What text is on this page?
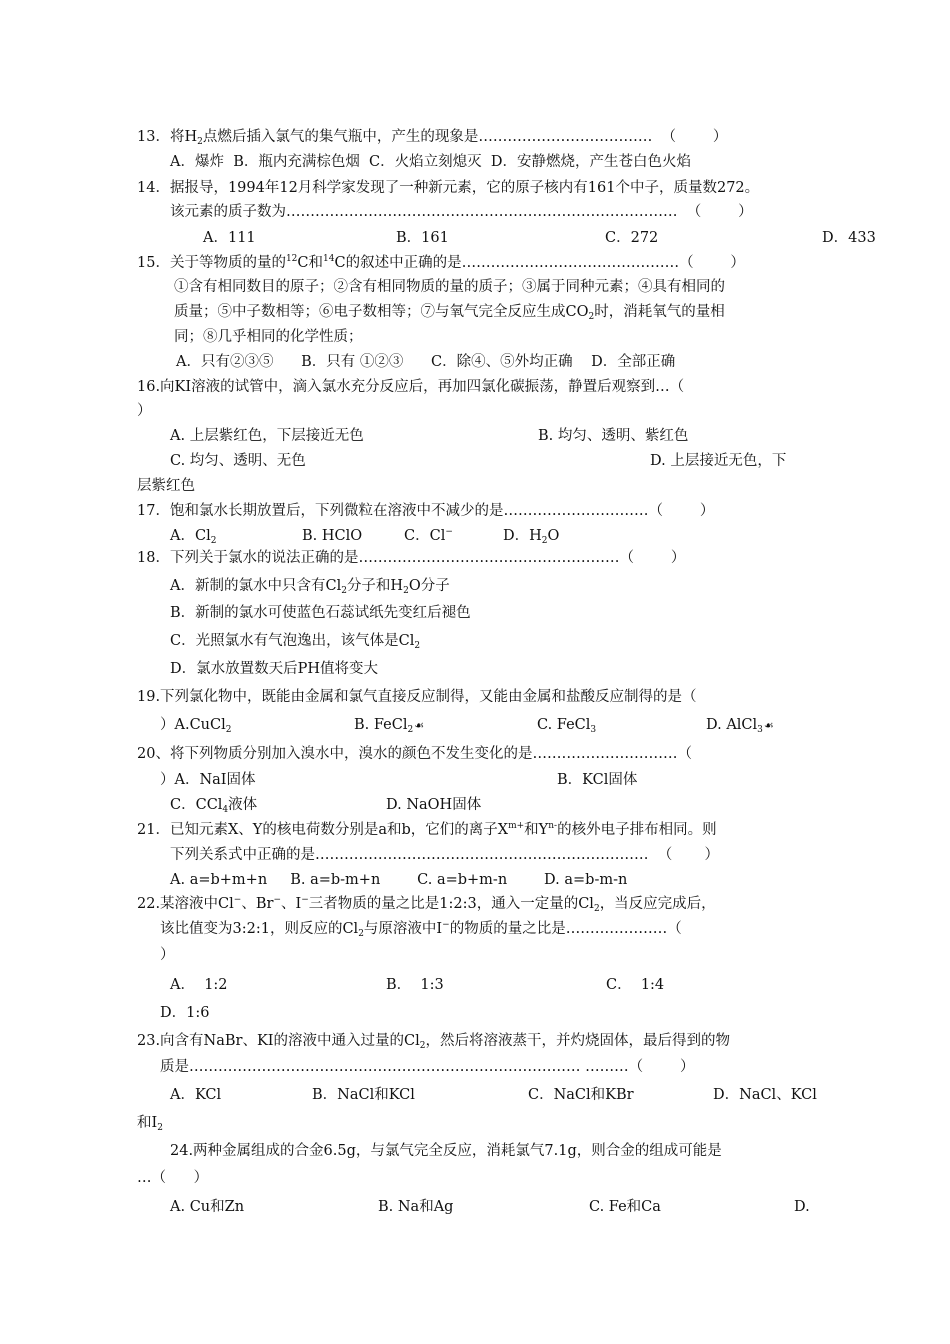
13．将$H_2$点燃后插入氯气的集气瓶中，产生的现象是………………………………  （        ）
A．爆炸  B．瓶内充满棕色烟  C．火焰立刻熄灭  D．安静燃烧，产生苍白色火焰
14．据报导，1994年12月科学家发现了一种新元素，它的原子核内有161个中子，质量数272。
该元素的质子数为………………………………………………………………………  （        ）
A．111	B．161	C．272	D．433
15．关于等物质的量的$^{12}$C和$^{14}$C的叙述中正确的是………………………………………（        ）
①含有相同数目的原子；②含有相同物质的量的质子；③属于同种元素；④具有相同的
质量；⑤中子数相等；⑥电子数相等；⑦与氧气完全反应生成$CO_2$时，消耗氧气的量相
同；⑧几乎相同的化学性质；
A．只有②③⑤      B．只有 ①②③      C．除④、⑤外均正确    D．全部正确
16.向KI溶液的试管中，滴入氯水充分反应后，再加四氯化碳振荡，静置后观察到…（
）
A. 上层紫红色，下层接近无色	B. 均匀、透明、紫红色
C. 均匀、透明、无色	D. 上层接近无色，下
层紫红色
17．饱和氯水长期放置后，下列微粒在溶液中不减少的是…………………………（        ）
A．$Cl_2$	B. HClO	C．Cl−	D．$H_2O$
18．下列关于氯水的说法正确的是………………………………………………（        ）
A．新制的氯水中只含有$Cl_2$分子和$H_2O$分子
B．新制的氯水可使蓝色石蕊试纸先变红后褪色
C．光照氯水有气泡逸出，该气体是$Cl_2$
D．氯水放置数天后PH值将变大
19.下列氯化物中，既能由金属和氯气直接反应制得，又能由金属和盐酸反应制得的是（
）A.CuCl$_2$	B. FeCl$_2$☙	C. FeCl$_3$	D. AlCl$_3$☙
20、将下列物质分别加入溴水中，溴水的颜色不发生变化的是…………………………（
）A．NaI固体	B．KCl固体
C．CCl$_4$液体	D. NaOH固体
21．已知元素X、Y的核电荷数分别是a和b，它们的离子$X^{m+}$和$Y^{n-}$的核外电子排布相同。则
下列关系式中正确的是……………………………………………………………  （       ）
A. a=b+m+n     B. a=b-m+n        C. a=b+m-n        D. a=b-m-n
22.某溶液中Cl−、Br−、I−三者物质的量之比是1:2:3，通入一定量的$Cl_2$，当反应完成后，
该比值变为3:2:1，则反应的$Cl_2$与原溶液中I−的物质的量之比是…………………（
）
A．  1:2	B．  1:3	C．  1:4
D．1:6
23.向含有NaBr、KI的溶液中通入过量的$Cl_2$，然后将溶液蒸干，并灼烧固体，最后得到的物
质是……………………………………………………………………… ………（        ）
A．KCl	B．NaCl和KCl	C．NaCl和KBr	D．NaCl、KCl
和$I_2$
24.两种金属组成的合金6.5g，与氯气完全反应，消耗氯气7.1g，则合金的组成可能是
…（      ）
A. Cu和Zn	B. Na和Ag	C. Fe和Ca	D.
